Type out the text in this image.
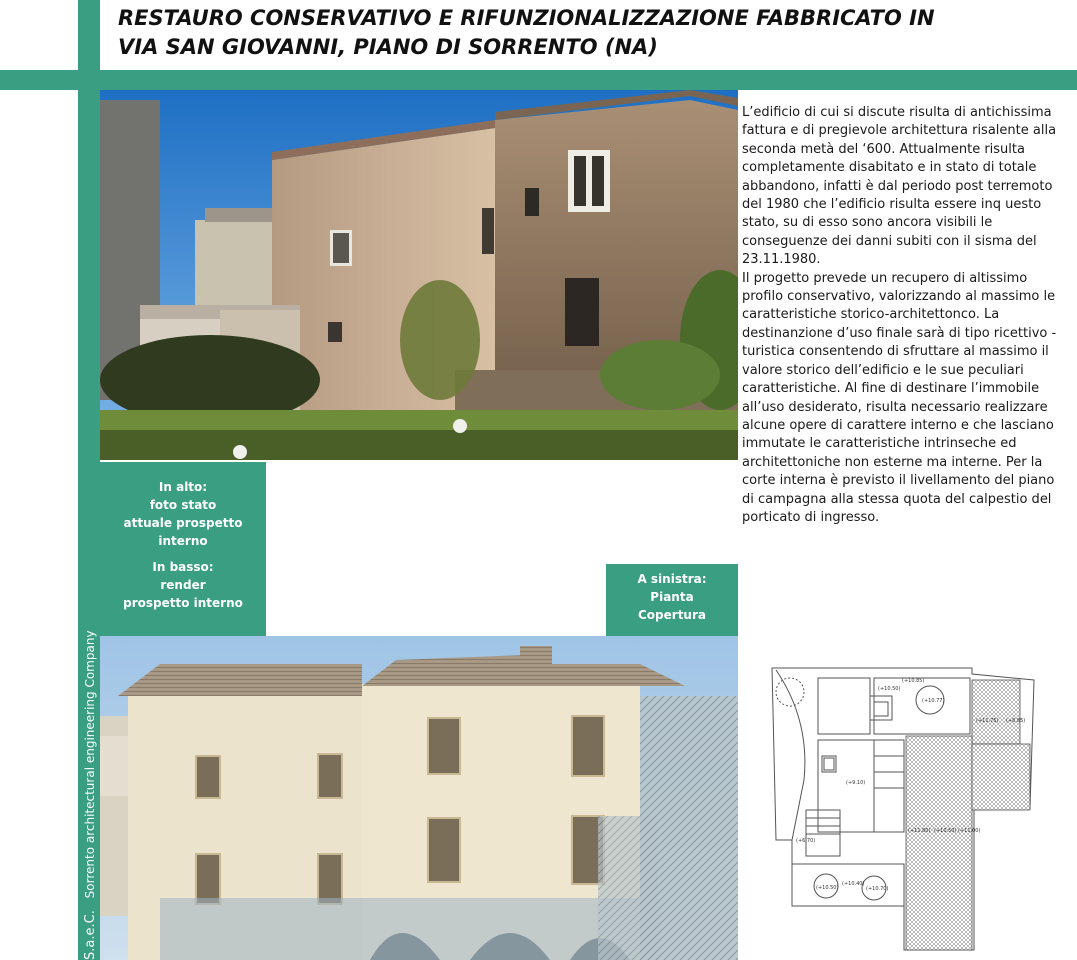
S.a.e.C. Sorrento architectural engineering Company
RESTAURO CONSERVATIVO E RIFUNZIONALIZZAZIONE FABBRICATO IN
VIA SAN GIOVANNI, PIANO DI SORRENTO (NA)
In alto:
foto stato
attuale prospetto
interno
In basso:
render
prospetto interno
A sinistra:
Pianta
Copertura

L’edificio di cui si discute risulta di antichissima fattura e di pregievole architettura risalente alla seconda metà del ‘600. Attualmente risulta completamente disabitato e in stato di totale abbandono, infatti è dal periodo post terremoto del 1980 che l’edificio risulta essere inq uesto stato, su di esso sono ancora visibili le conseguenze dei danni subiti con il sisma del 23.11.1980.

Il progetto prevede un recupero di altissimo profilo conservativo, valorizzando al massimo le caratteristiche storico-architettonco. La destinanzione d’uso finale sarà di tipo ricettivo - turistica consentendo di sfruttare al massimo il valore storico dell’edificio e le sue peculiari caratteristiche. Al fine di destinare l’immobile all’uso desiderato, risulta necessario realizzare alcune opere di carattere interno e che lasciano immutate le caratteristiche intrinseche ed architettoniche non esterne ma interne. Per la corte interna è previsto il livellamento del piano di campagna alla stessa quota del calpestio del porticato di ingresso.

(+10.85)
(+10.50)
(+10.77)
(+11.75) (+8.85)
(+9.10)
(+11.80) (+10.50) (+11.00)
(+6.70)
(+10.40)
(+10.50)	(+10.70)
